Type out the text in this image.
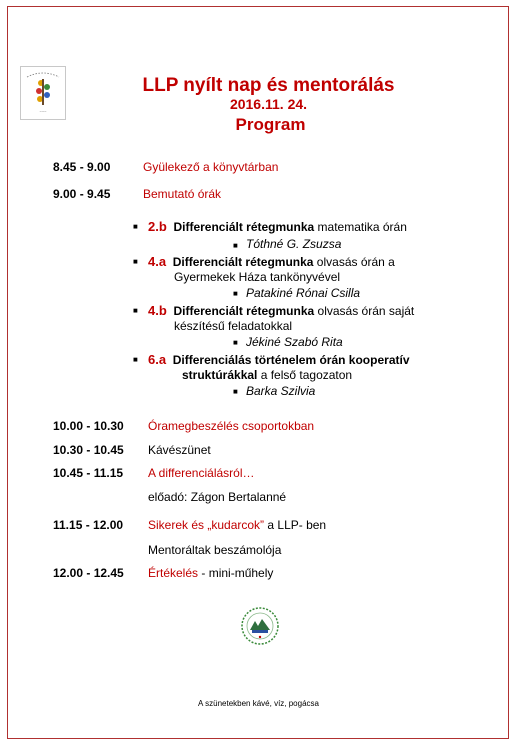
~~~
LLP nyílt nap és mentorálás
2016.11. 24.
Program
8.45 - 9.00	Gyülekező a könyvtárban
9.00 - 9.45	Bemutató órák
■ 2.b Differenciált rétegmunka matematika órán
■ Tóthné G. Zsuzsa
■ 4.a Differenciált rétegmunka olvasás órán a
Gyermekek Háza tankönyvével
■ Patakiné Rónai Csilla
■ 4.b Differenciált rétegmunka olvasás órán saját
készítésű feladatokkal
■ Jékiné Szabó Rita
■ 6.a Differenciálás történelem órán kooperatív
struktúrákkal a felső tagozaton
■ Barka Szilvia
10.00 - 10.30 Óramegbeszélés csoportokban
10.30 - 10.45 Kávészünet
10.45 - 11.15 A differenciálásról…
előadó: Zágon Bertalanné
11.15 - 12.00 Sikerek és „kudarcok” a LLP- ben
Mentoráltak beszámolója
12.00 - 12.45 Értékelés - mini-műhely
A szünetekben kávé, víz, pogácsa
